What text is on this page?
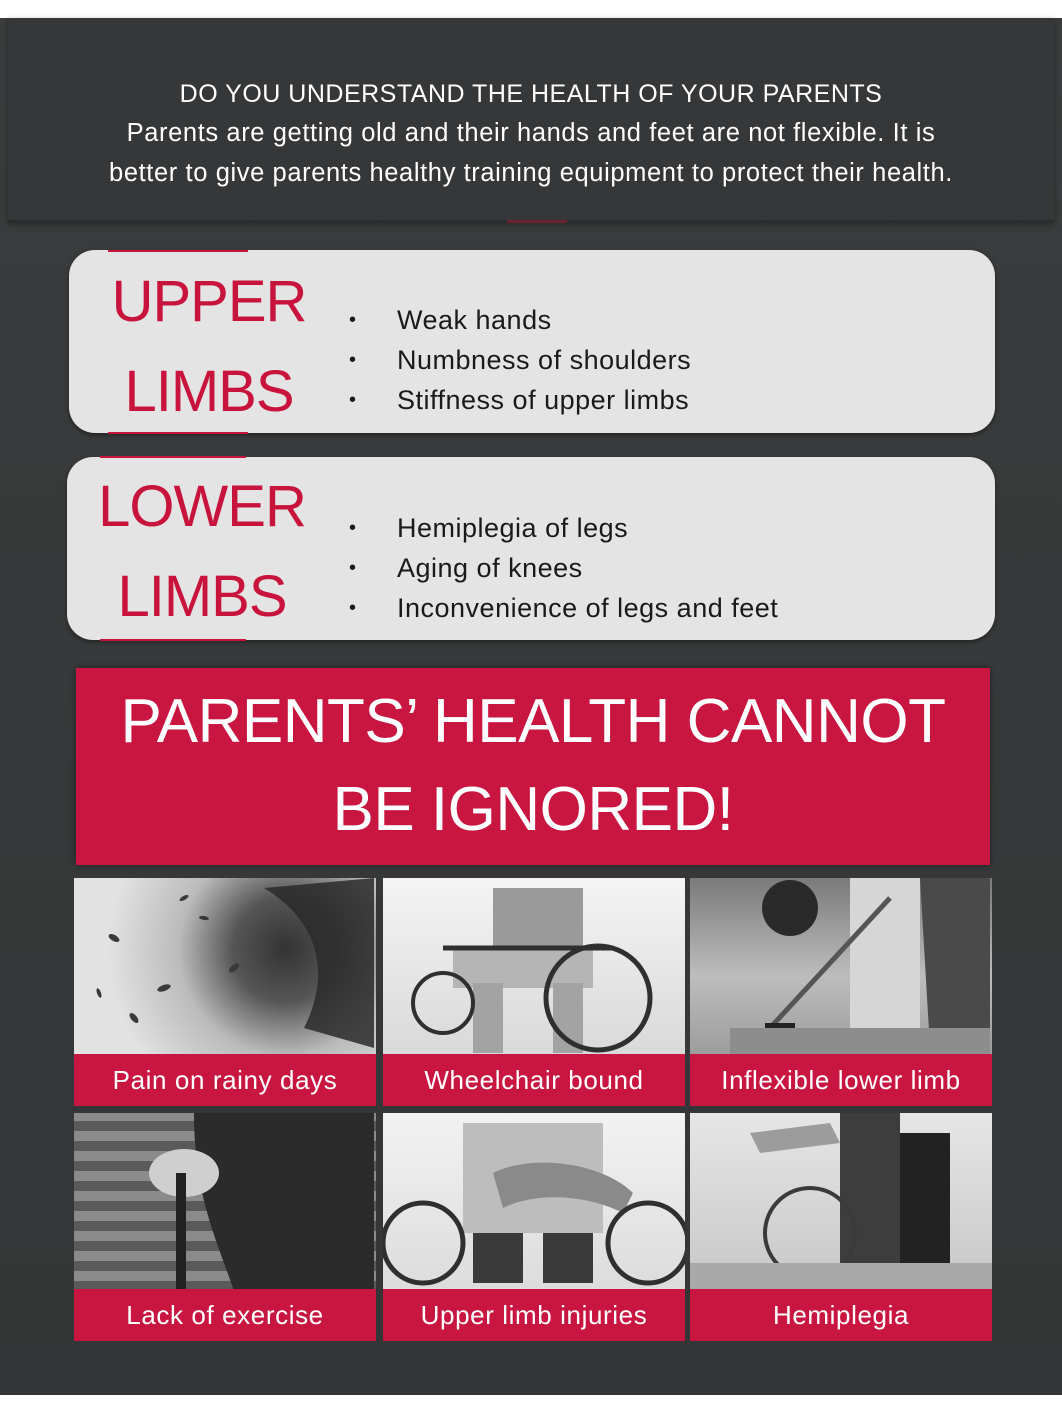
DO YOU UNDERSTAND THE HEALTH OF YOUR PARENTS
Parents are getting old and their hands and feet are not flexible. It is
better to give parents healthy training equipment to protect their health.
UPPER
LIMBS
• Weak hands
• Numbness of shoulders
• Stiffness of upper limbs
LOWER
LIMBS
• Hemiplegia of legs
• Aging of knees
• Inconvenience of legs and feet
PARENTS’ HEALTH CANNOT
BE IGNORED!
Pain on rainy days	Wheelchair bound	Inflexible lower limb
Lack of exercise	Upper limb injuries	Hemiplegia
